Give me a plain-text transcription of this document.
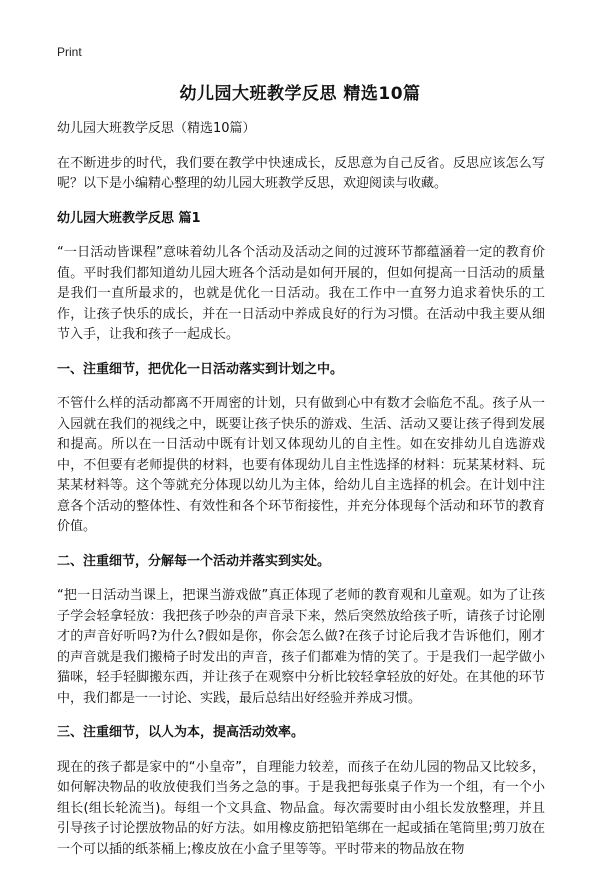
Print
幼儿园大班教学反思 精选10篇

幼儿园大班教学反思（精选10篇）

在不断进步的时代，我们要在教学中快速成长，反思意为自己反省。反思应该怎么写呢？以下是小编精心整理的幼儿园大班教学反思，欢迎阅读与收藏。

幼儿园大班教学反思 篇1

“一日活动皆课程”意味着幼儿各个活动及活动之间的过渡环节都蕴涵着一定的教育价值。平时我们都知道幼儿园大班各个活动是如何开展的，但如何提高一日活动的质量是我们一直所最求的，也就是优化一日活动。我在工作中一直努力追求着快乐的工作，让孩子快乐的成长，并在一日活动中养成良好的行为习惯。在活动中我主要从细节入手，让我和孩子一起成长。

一、注重细节，把优化一日活动落实到计划之中。

不管什么样的活动都离不开周密的计划，只有做到心中有数才会临危不乱。孩子从一入园就在我们的视线之中，既要让孩子快乐的游戏、生活、活动又要让孩子得到发展和提高。所以在一日活动中既有计划又体现幼儿的自主性。如在安排幼儿自选游戏中，不但要有老师提供的材料，也要有体现幼儿自主性选择的材料：玩某某材料、玩某某材料等。这个等就充分体现以幼儿为主体，给幼儿自主选择的机会。在计划中注意各个活动的整体性、有效性和各个环节衔接性，并充分体现每个活动和环节的教育价值。

二、注重细节，分解每一个活动并落实到实处。

“把一日活动当课上，把课当游戏做”真正体现了老师的教育观和儿童观。如为了让孩子学会轻拿轻放：我把孩子吵杂的声音录下来，然后突然放给孩子听，请孩子讨论刚才的声音好听吗?为什么?假如是你，你会怎么做?在孩子讨论后我才告诉他们，刚才的声音就是我们搬椅子时发出的声音，孩子们都难为情的笑了。于是我们一起学做小猫咪，轻手轻脚搬东西，并让孩子在观察中分析比较轻拿轻放的好处。在其他的环节中，我们都是一一讨论、实践，最后总结出好经验并养成习惯。

三、注重细节，以人为本，提高活动效率。

现在的孩子都是家中的“小皇帝”，自理能力较差，而孩子在幼儿园的物品又比较多，如何解决物品的收放使我们当务之急的事。于是我把每张桌子作为一个组，有一个小组长(组长轮流当)。每组一个文具盒、物品盒。每次需要时由小组长发放整理，并且引导孩子讨论摆放物品的好方法。如用橡皮筋把铅笔绑在一起或插在笔筒里;剪刀放在一个可以插的纸茶桶上;橡皮放在小盒子里等等。平时带来的物品放在物
